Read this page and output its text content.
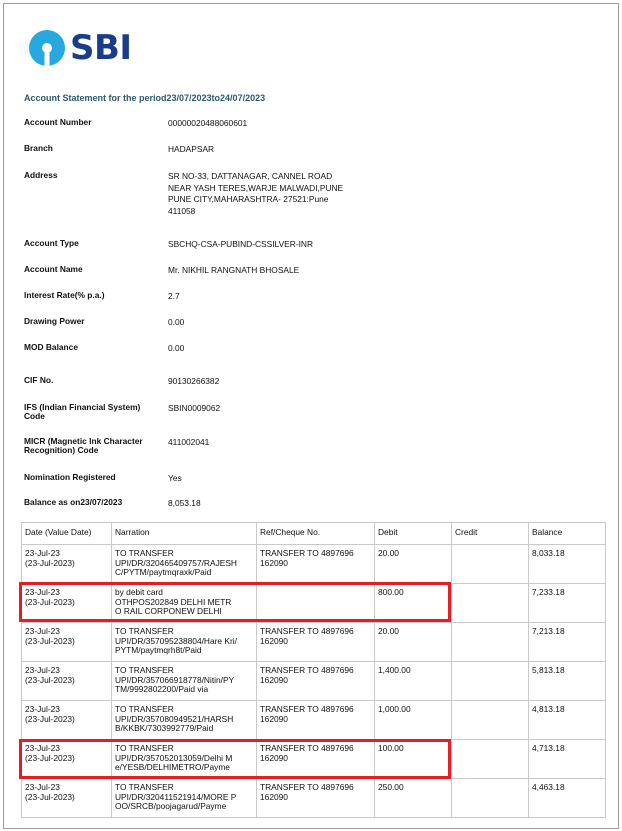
SBI
Account Statement for the period23/07/2023to24/07/2023
Account Number	00000020488060601
Branch	HADAPSAR
Address	SR NO-33, DATTANAGAR, CANNEL ROAD
NEAR YASH TERES,WARJE MALWADI,PUNE
PUNE CITY,MAHARASHTRA- 27521:Pune
411058
Account Type	SBCHQ-CSA-PUBIND-CSSILVER-INR
Account Name	Mr. NIKHIL RANGNATH BHOSALE
Interest Rate(% p.a.)	2.7
Drawing Power	0.00
MOD Balance	0.00
CIF No.	90130266382
IFS (Indian Financial System)
Code
SBIN0009062
MICR (Magnetic Ink Character
Recognition) Code
411002041
Nomination Registered	Yes
Balance as on23/07/2023	8,053.18
Date (Value Date)	Narration	Ref/Cheque No.	Debit	Credit	Balance
23-Jul-23
(23-Jul-2023)	TO TRANSFER
UPI/DR/320465409757/RAJESH
C/PYTM/paytmqraxk/Paid	TRANSFER TO 4897696
162090	20.00		8,033.18
23-Jul-23
(23-Jul-2023)	by debit card
OTHPOS202849 DELHI METR
O RAIL CORPONEW DELHI		800.00		7,233.18
23-Jul-23
(23-Jul-2023)	TO TRANSFER
UPI/DR/357095238804/Hare Kri/
PYTM/paytmqrh8t/Paid	TRANSFER TO 4897696
162090	20.00		7,213.18
23-Jul-23
(23-Jul-2023)	TO TRANSFER
UPI/DR/357066918778/Nitin/PY
TM/9992802200/Paid via	TRANSFER TO 4897696
162090	1,400.00		5,813.18
23-Jul-23
(23-Jul-2023)	TO TRANSFER
UPI/DR/357080949521/HARSH
B/KKBK/7303992779/Paid	TRANSFER TO 4897696
162090	1,000.00		4,813.18
23-Jul-23
(23-Jul-2023)	TO TRANSFER
UPI/DR/357052013059/Delhi M
e/YESB/DELHIMETRO/Payme	TRANSFER TO 4897696
162090	100.00		4,713.18
23-Jul-23
(23-Jul-2023)	TO TRANSFER
UPI/DR/320411521914/MORE P
OO/SRCB/poojagarud/Payme	TRANSFER TO 4897696
162090	250.00		4,463.18
